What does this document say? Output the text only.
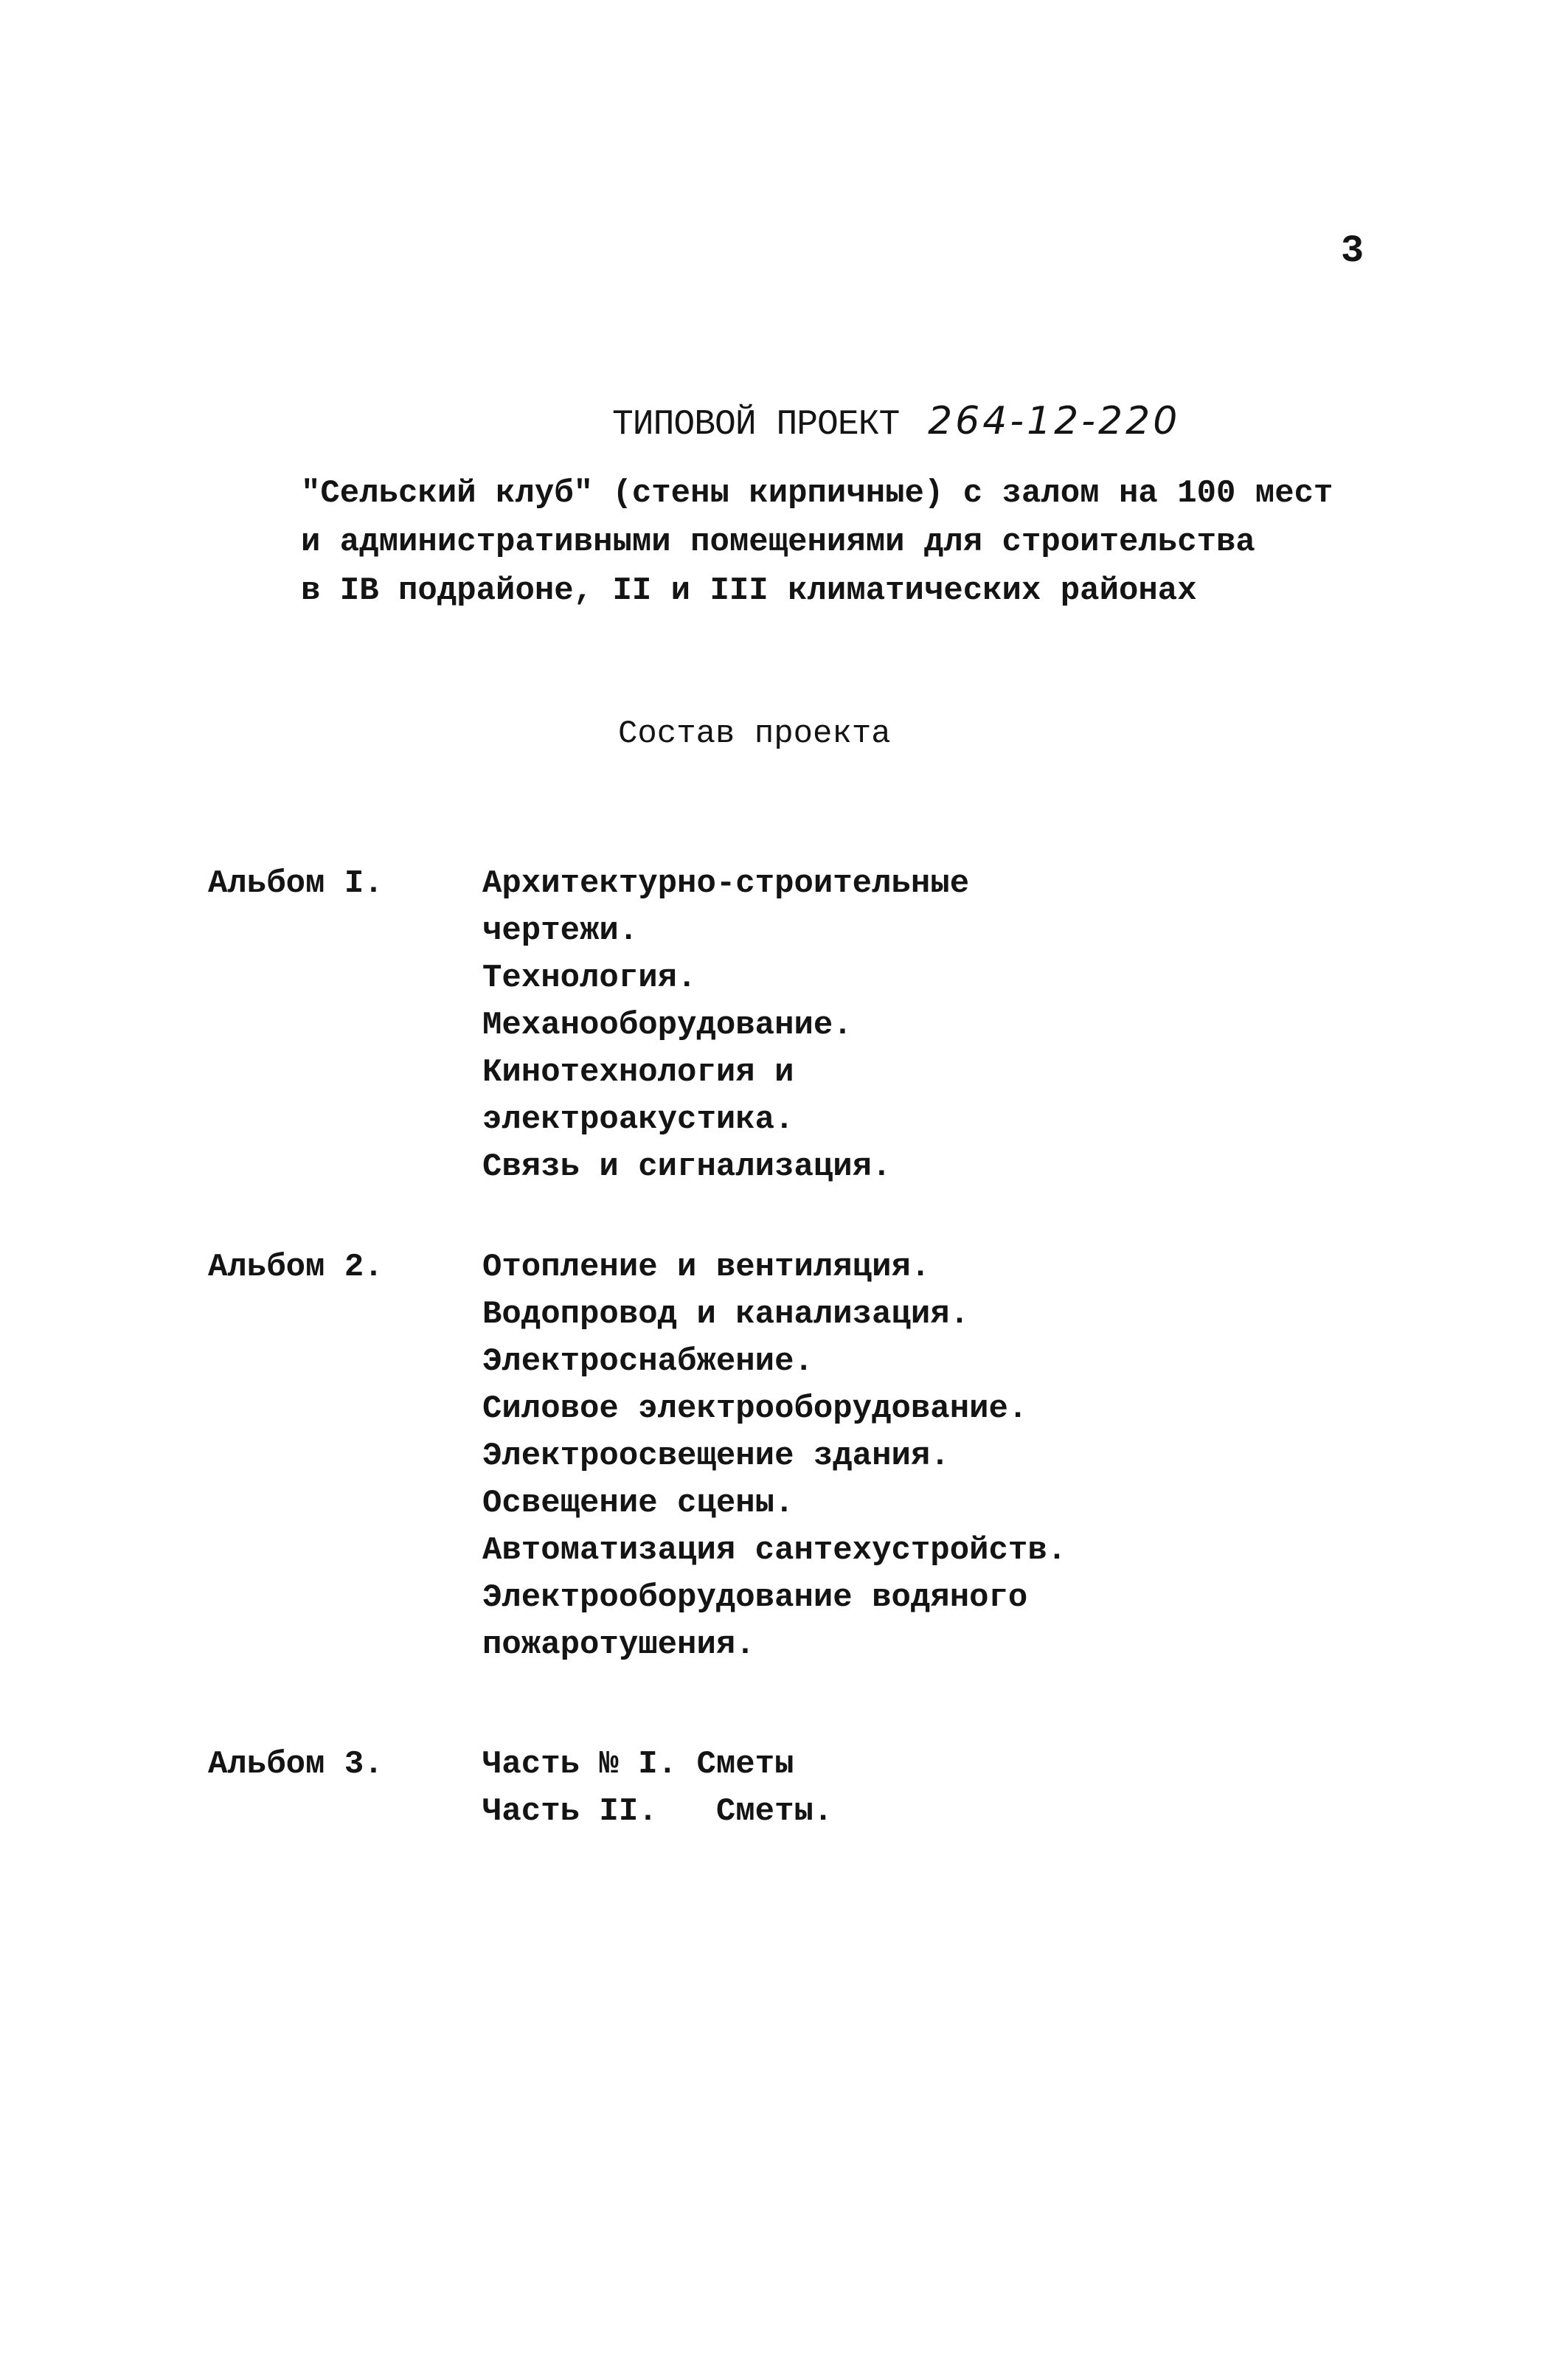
3
ТИПОВОЙ ПРОЕКТ 264-12-220
"Сельский клуб" (стены кирпичные) с залом на 100 мест
и административными помещениями для строительства
в IB подрайоне, II и III климатических районах
Состав проекта
Альбом I.	Архитектурно-строительные
чертежи.
Технология.
Механооборудование.
Кинотехнология и
электроакустика.
Связь и сигнализация.
Альбом 2.	Отопление и вентиляция.
Водопровод и канализация.
Электроснабжение.
Силовое электрооборудование.
Электроосвещение здания.
Освещение сцены.
Автоматизация сантехустройств.
Электрооборудование водяного
пожаротушения.
Альбом 3.	Часть № I. Сметы
Часть II.   Сметы.
